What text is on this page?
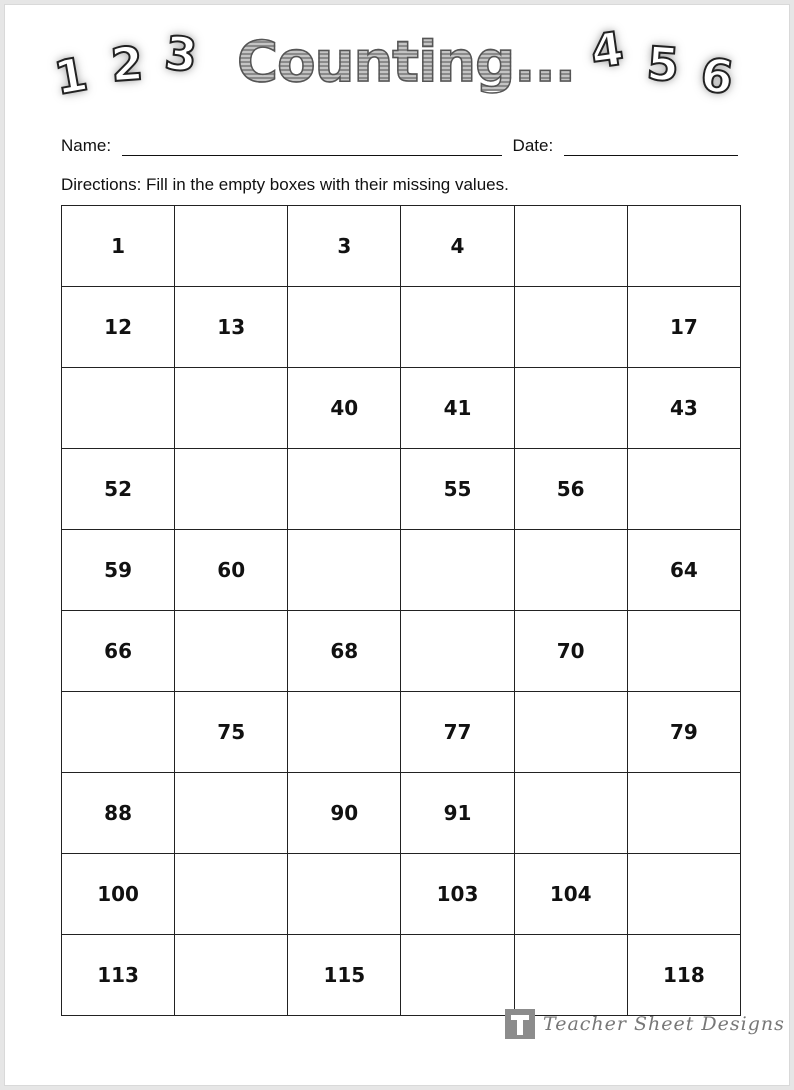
1 2 3 Counting... 4 5 6
Name:	Date:
Directions: Fill in the empty boxes with their missing values.
1		3	4		
12	13				17
		40	41		43
52			55	56	
59	60				64
66		68		70	
	75		77		79
88		90	91		
100			103	104	
113		115			118
Teacher Sheet Designs
